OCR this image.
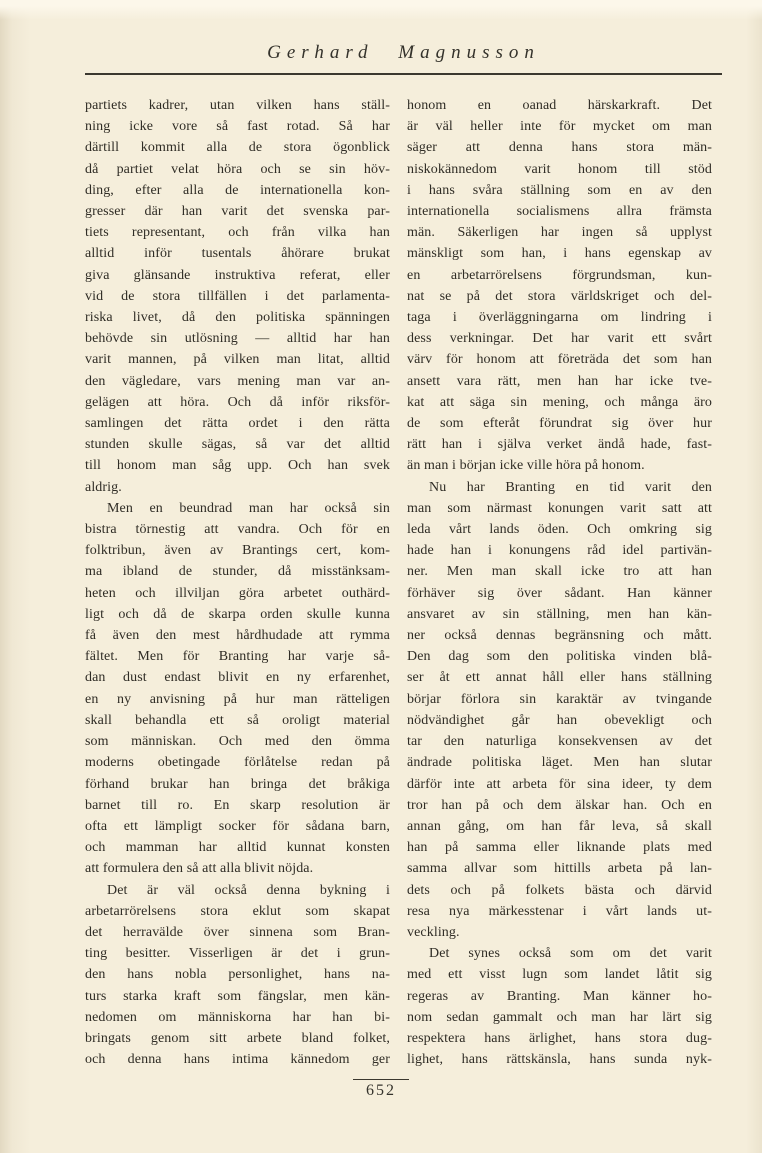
Gerhard Magnusson
partiets kadrer, utan vilken hans ställ-
ning icke vore så fast rotad. Så har
därtill kommit alla de stora ögonblick
då partiet velat höra och se sin höv-
ding, efter alla de internationella kon-
gresser där han varit det svenska par-
tiets representant, och från vilka han
alltid inför tusentals åhörare brukat
giva glänsande instruktiva referat, eller
vid de stora tillfällen i det parlamenta-
riska livet, då den politiska spänningen
behövde sin utlösning — alltid har han
varit mannen, på vilken man litat, alltid
den vägledare, vars mening man var an-
gelägen att höra. Och då inför riksför-
samlingen det rätta ordet i den rätta
stunden skulle sägas, så var det alltid
till honom man såg upp. Och han svek
aldrig.
Men en beundrad man har också sin
bistra törnestig att vandra. Och för en
folktribun, även av Brantings cert, kom-
ma ibland de stunder, då misstänksam-
heten och illviljan göra arbetet outhärd-
ligt och då de skarpa orden skulle kunna
få även den mest hårdhudade att rymma
fältet. Men för Branting har varje så-
dan dust endast blivit en ny erfarenhet,
en ny anvisning på hur man rätteligen
skall behandla ett så oroligt material
som människan. Och med den ömma
moderns obetingade förlåtelse redan på
förhand brukar han bringa det bråkiga
barnet till ro. En skarp resolution är
ofta ett lämpligt socker för sådana barn,
och mamman har alltid kunnat konsten
att formulera den så att alla blivit nöjda.
Det är väl också denna bykning i
arbetarrörelsens stora eklut som skapat
det herravälde över sinnena som Bran-
ting besitter. Visserligen är det i grun-
den hans nobla personlighet, hans na-
turs starka kraft som fängslar, men kän-
nedomen om människorna har han bi-
bringats genom sitt arbete bland folket,
och denna hans intima kännedom ger
honom en oanad härskarkraft. Det
är väl heller inte för mycket om man
säger att denna hans stora män-
niskokännedom varit honom till stöd
i hans svåra ställning som en av den
internationella socialismens allra främsta
män. Säkerligen har ingen så upplyst
mänskligt som han, i hans egenskap av
en arbetarrörelsens förgrundsman, kun-
nat se på det stora världskriget och del-
taga i överläggningarna om lindring i
dess verkningar. Det har varit ett svårt
värv för honom att företräda det som han
ansett vara rätt, men han har icke tve-
kat att säga sin mening, och många äro
de som efteråt förundrat sig över hur
rätt han i själva verket ändå hade, fast-
än man i början icke ville höra på honom.
Nu har Branting en tid varit den
man som närmast konungen varit satt att
leda vårt lands öden. Och omkring sig
hade han i konungens råd idel partivän-
ner. Men man skall icke tro att han
förhäver sig över sådant. Han känner
ansvaret av sin ställning, men han kän-
ner också dennas begränsning och mått.
Den dag som den politiska vinden blå-
ser åt ett annat håll eller hans ställning
börjar förlora sin karaktär av tvingande
nödvändighet går han obevekligt och
tar den naturliga konsekvensen av det
ändrade politiska läget. Men han slutar
därför inte att arbeta för sina ideer, ty dem
tror han på och dem älskar han. Och en
annan gång, om han får leva, så skall
han på samma eller liknande plats med
samma allvar som hittills arbeta på lan-
dets och på folkets bästa och därvid
resa nya märkesstenar i vårt lands ut-
veckling.
Det synes också som om det varit
med ett visst lugn som landet låtit sig
regeras av Branting. Man känner ho-
nom sedan gammalt och man har lärt sig
respektera hans ärlighet, hans stora dug-
lighet, hans rättskänsla, hans sunda nyk-
652
